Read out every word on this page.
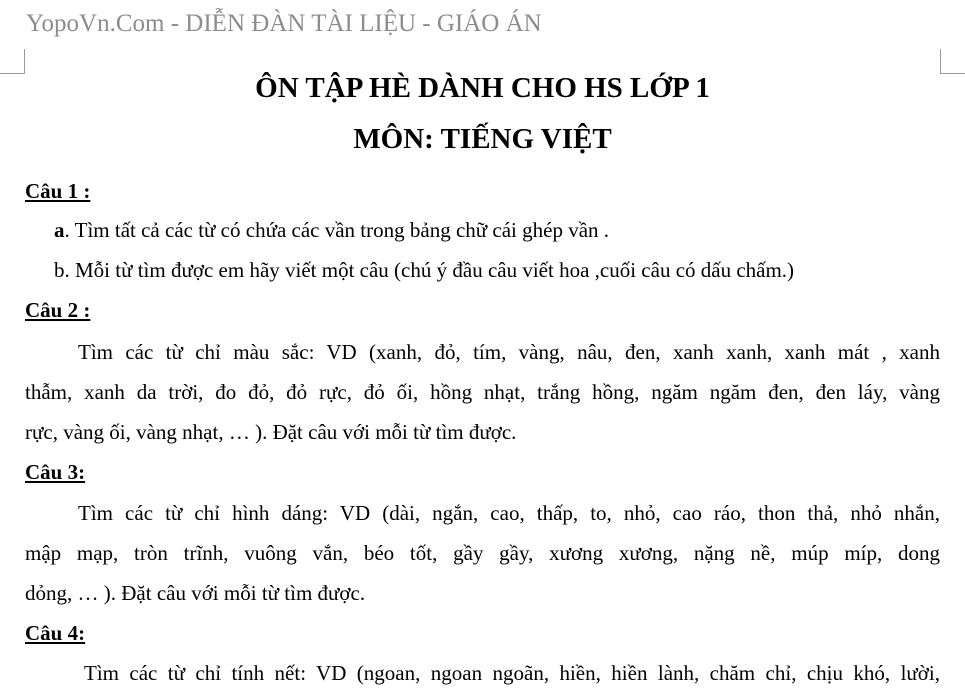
YopoVn.Com - DIỄN ĐÀN TÀI LIỆU - GIÁO ÁN
ÔN TẬP HÈ DÀNH CHO HS LỚP 1
MÔN: TIẾNG VIỆT
Câu 1 :
a. Tìm tất cả các từ có chứa các vần trong bảng chữ cái ghép vần .
b. Mỗi từ tìm được em hãy viết một câu (chú ý đầu câu viết hoa ,cuối câu có dấu chấm.)
Câu 2 :
Tìm các từ chỉ màu sắc: VD (xanh, đỏ, tím, vàng, nâu, đen, xanh xanh, xanh mát , xanh
thẫm, xanh da trời, đo đỏ, đỏ rực, đỏ ối, hồng nhạt, trắng hồng, ngăm ngăm đen, đen láy, vàng
rực, vàng ối, vàng nhạt, … ). Đặt câu với mỗi từ tìm được.
Câu 3:
Tìm các từ chỉ hình dáng: VD (dài, ngắn, cao, thấp, to, nhỏ, cao ráo, thon thả, nhỏ nhắn,
mập mạp, tròn trĩnh, vuông vắn, béo tốt, gầy gầy, xương xương, nặng nề, múp míp, dong
dỏng, … ). Đặt câu với mỗi từ tìm được.
Câu 4:
Tìm các từ chỉ tính nết: VD (ngoan, ngoan ngoãn, hiền, hiền lành, chăm chỉ, chịu khó, lười,
